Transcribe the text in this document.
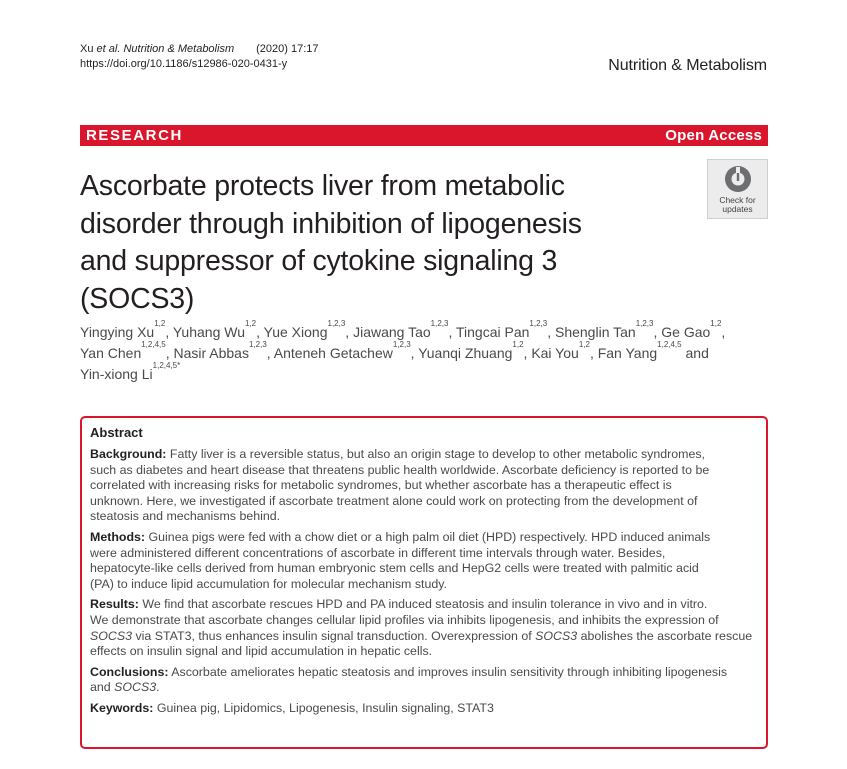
Xu et al. Nutrition & Metabolism (2020) 17:17
https://doi.org/10.1186/s12986-020-0431-y	Nutrition & Metabolism
RESEARCH	Open Access
Ascorbate protects liver from metabolic
disorder through inhibition of lipogenesis
and suppressor of cytokine signaling 3
(SOCS3)
Check for
updates
Yingying Xu$^{1,2}$, Yuhang Wu$^{1,2}$, Yue Xiong$^{1,2,3}$, Jiawang Tao$^{1,2,3}$, Tingcai Pan$^{1,2,3}$, Shenglin Tan$^{1,2,3}$, Ge Gao$^{1,2}$,
Yan Chen$^{1,2,4,5}$, Nasir Abbas$^{1,2,3}$, Anteneh Getachew$^{1,2,3}$, Yuanqi Zhuang$^{1,2}$, Kai You$^{1,2}$, Fan Yang$^{1,2,4,5}$ and
Yin-xiong $Li^{1,2,4,5*}$
Abstract

Background: Fatty liver is a reversible status, but also an origin stage to develop to other metabolic syndromes,
such as diabetes and heart disease that threatens public health worldwide. Ascorbate deficiency is reported to be
correlated with increasing risks for metabolic syndromes, but whether ascorbate has a therapeutic effect is
unknown. Here, we investigated if ascorbate treatment alone could work on protecting from the development of
steatosis and mechanisms behind.

Methods: Guinea pigs were fed with a chow diet or a high palm oil diet (HPD) respectively. HPD induced animals
were administered different concentrations of ascorbate in different time intervals through water. Besides,
hepatocyte-like cells derived from human embryonic stem cells and HepG2 cells were treated with palmitic acid
(PA) to induce lipid accumulation for molecular mechanism study.

Results: We find that ascorbate rescues HPD and PA induced steatosis and insulin tolerance in vivo and in vitro.
We demonstrate that ascorbate changes cellular lipid profiles via inhibits lipogenesis, and inhibits the expression of
SOCS3 via STAT3, thus enhances insulin signal transduction. Overexpression of SOCS3 abolishes the ascorbate rescue
effects on insulin signal and lipid accumulation in hepatic cells.

Conclusions: Ascorbate ameliorates hepatic steatosis and improves insulin sensitivity through inhibiting lipogenesis
and SOCS3.

Keywords: Guinea pig, Lipidomics, Lipogenesis, Insulin signaling, STAT3
